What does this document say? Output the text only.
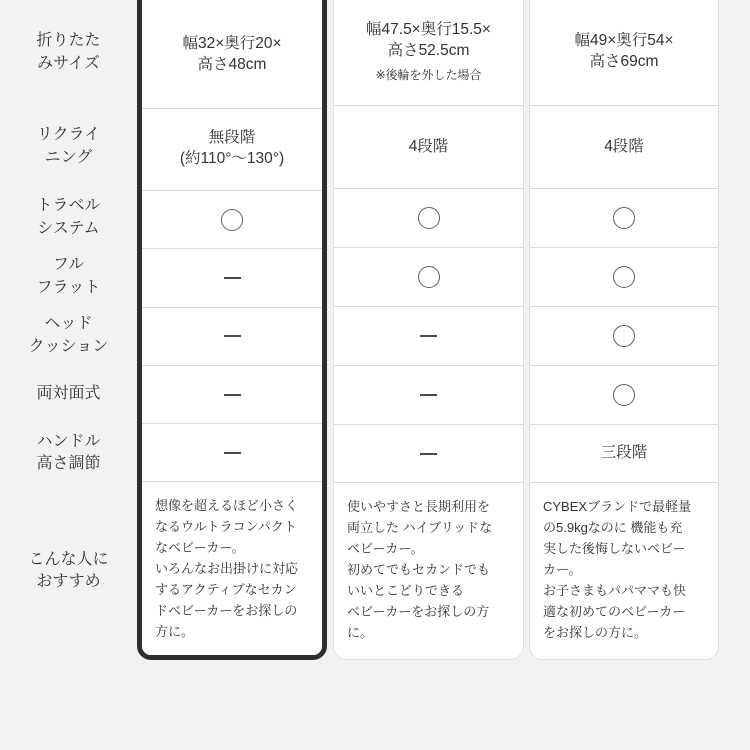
折りたた
みサイズ
リクライ
ニング
トラベル
システム
フル
フラット
ヘッド
クッション
両対面式
ハンドル
高さ調節
こんな人に
おすすめ
幅32×奥行20×
高さ48cm
無段階
(約110°〜130°)
想像を超えるほど小さく
なるウルトラコンパクト
なベビーカー。
いろんなお出掛けに対応
するアクティブなセカン
ドベビーカーをお探しの
方に。
幅47.5×奥行15.5×
高さ52.5cm
※後輪を外した場合
4段階
使いやすさと長期利用を
両立した ハイブリッドな
ベビーカー。
初めてでもセカンドでも
いいとこどりできる
ベビーカーをお探しの方
に。
幅49×奥行54×
高さ69cm
4段階
三段階
CYBEXブランドで最軽量
の5.9kgなのに 機能も充
実した後悔しないベビー
カー。
お子さまもパパママも快
適な初めてのベビーカー
をお探しの方に。
